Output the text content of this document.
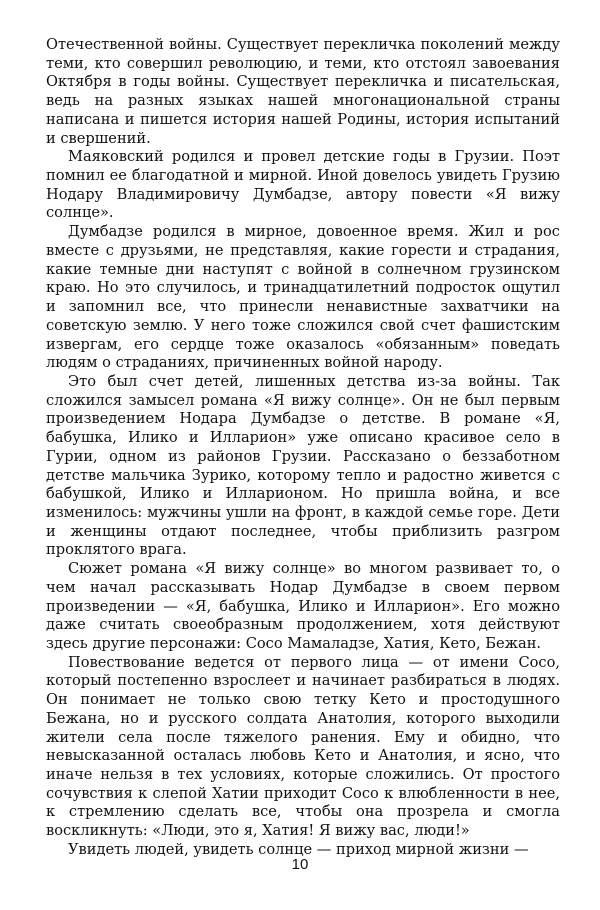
Отечественной войны. Существует перекличка поколений между теми, кто совершил революцию, и теми, кто отстоял завоевания Октября в годы войны. Существует перекличка и писательская, ведь на разных языках нашей многонациональной страны написана и пишется история нашей Родины, история испытаний и свершений.

Маяковский родился и провел детские годы в Грузии. Поэт помнил ее благодатной и мирной. Иной довелось увидеть Грузию Нодару Владимировичу Думбадзе, автору повести «Я вижу солнце».

Думбадзе родился в мирное, довоенное время. Жил и рос вместе с друзьями, не представляя, какие горести и страдания, какие темные дни наступят с войной в солнечном грузинском краю. Но это случилось, и тринадцатилетний подросток ощутил и запомнил все, что принесли ненавистные захватчики на советскую землю. У него тоже сложился свой счет фашистским извергам, его сердце тоже оказалось «обязанным» поведать людям о страданиях, причиненных войной народу.

Это был счет детей, лишенных детства из-за войны. Так сложился замысел романа «Я вижу солнце». Он не был первым произведением Нодара Думбадзе о детстве. В романе «Я, бабушка, Илико и Илларион» уже описано красивое село в Гурии, одном из районов Грузии. Рассказано о беззаботном детстве мальчика Зурико, которому тепло и радостно живется с бабушкой, Илико и Илларионом. Но пришла война, и все изменилось: мужчины ушли на фронт, в каждой семье горе. Дети и женщины отдают последнее, чтобы приблизить разгром проклятого врага.

Сюжет романа «Я вижу солнце» во многом развивает то, о чем начал рассказывать Нодар Думбадзе в своем первом произведении — «Я, бабушка, Илико и Илларион». Его можно даже считать своеобразным продолжением, хотя действуют здесь другие персонажи: Сосо Мамаладзе, Хатия, Кето, Бежан.

Повествование ведется от первого лица — от имени Сосо, который постепенно взрослеет и начинает разбираться в людях. Он понимает не только свою тетку Кето и простодушного Бежана, но и русского солдата Анатолия, которого выходили жители села после тяжелого ранения. Ему и обидно, что невысказанной осталась любовь Кето и Анатолия, и ясно, что иначе нельзя в тех условиях, которые сложились. От простого сочувствия к слепой Хатии приходит Сосо к влюбленности в нее, к стремлению сделать все, чтобы она прозрела и смогла воскликнуть: «Люди, это я, Хатия! Я вижу вас, люди!»

Увидеть людей, увидеть солнце — приход мирной жизни —

10
